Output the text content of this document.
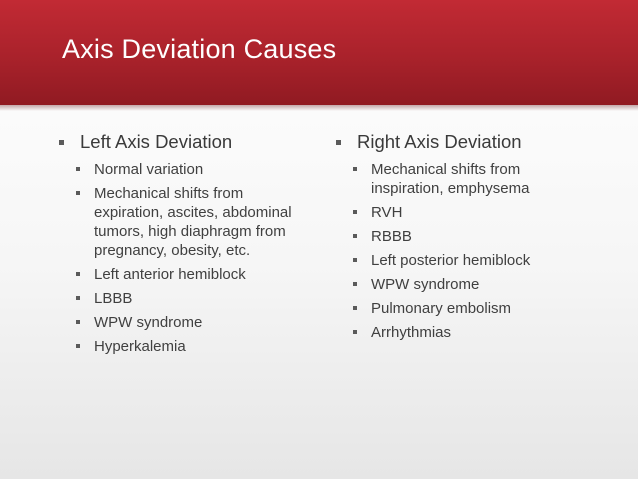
Axis Deviation Causes
Left Axis Deviation
Normal variation
Mechanical shifts from expiration, ascites, abdominal tumors, high diaphragm from pregnancy, obesity, etc.
Left anterior hemiblock
LBBB
WPW syndrome
Hyperkalemia
Right Axis Deviation
Mechanical shifts from inspiration, emphysema
RVH
RBBB
Left posterior hemiblock
WPW syndrome
Pulmonary embolism
Arrhythmias
